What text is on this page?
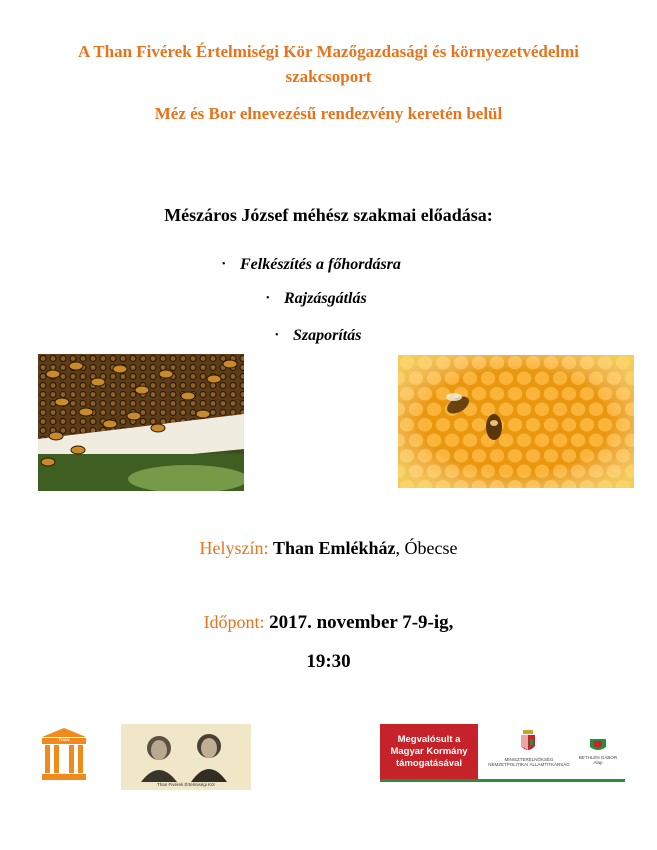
A Than Fivérek Értelmiségi Kör Mazőgazdasági és környezetvédelmi
szakcsoport
Méz és Bor elnevezésű rendezvény keretén belül
Mészáros József méhész szakmai előadása:
• Felkészítés a főhordásra
• Rajzásgátlás
• Szaporítás
Helyszín: Than Emlékház, Óbecse
Időpont: 2017. november 7-9-ig,
19:30
THAN
Than Fivérek Értelmiségi Kör
Megvalósult a Magyar Kormány támogatásával	MINISZTERELNÖKSÉG NEMZETPOLITIKAI ÁLLAMTITKÁRSÁG
BETHLEN GÁBOR Alap
